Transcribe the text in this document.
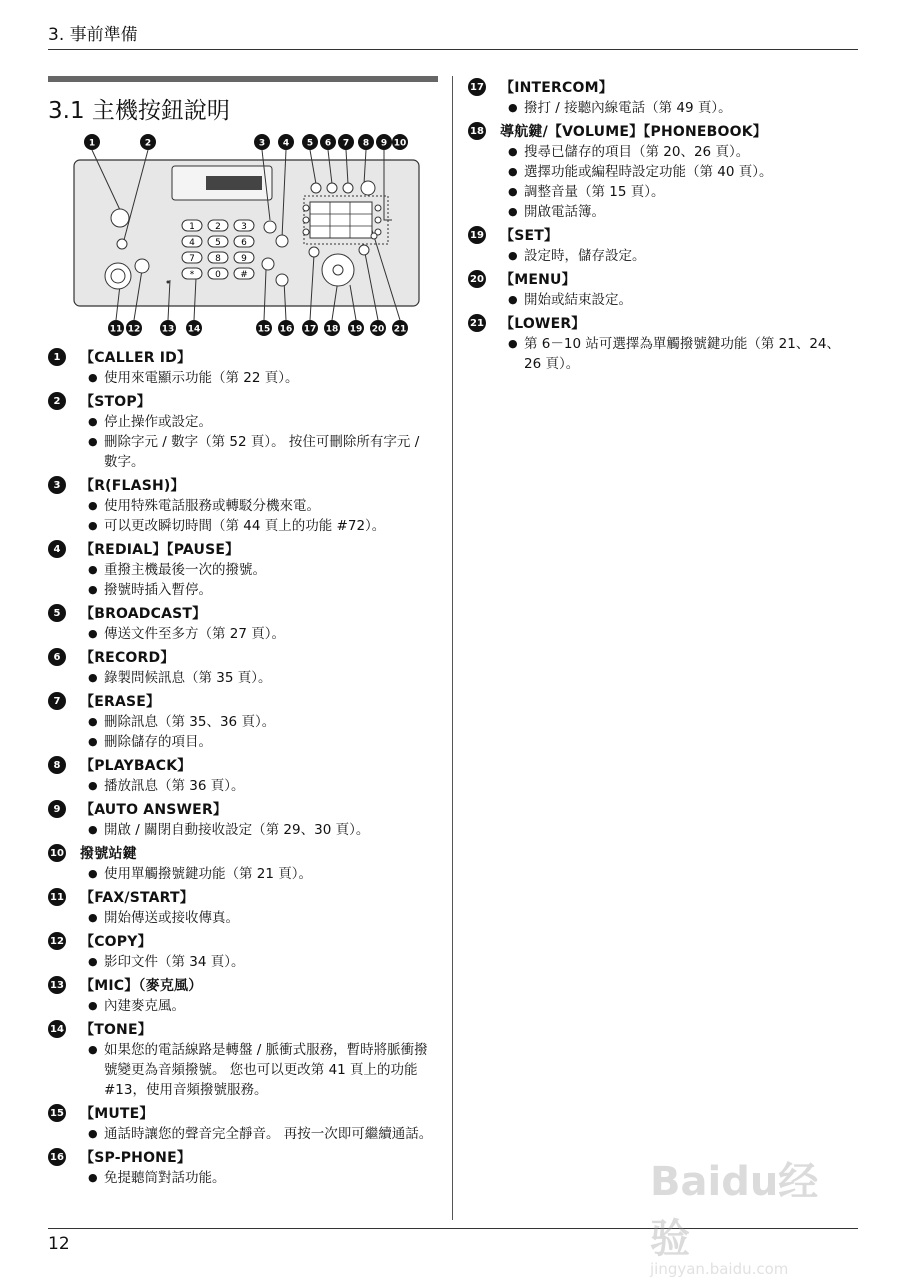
3. 事前準備
3.1 主機按鈕說明
1	2	3 4 5 6 7 8 9 10
11 12 13 14	15 16 17 18 19 20 21
1 2 3
4 5 6
7 8 9
* 0 #
1	【CALLER ID】
● 使用來電顯示功能（第 22 頁）。
2	【STOP】
● 停止操作或設定。
● 刪除字元 / 數字（第 52 頁）。 按住可刪除所有字元 / 數字。
3	【R(FLASH)】
● 使用特殊電話服務或轉駁分機來電。
● 可以更改瞬切時間（第 44 頁上的功能 #72）。
4	【REDIAL】【PAUSE】
● 重撥主機最後一次的撥號。
● 撥號時插入暫停。
5	【BROADCAST】
● 傳送文件至多方（第 27 頁）。
6	【RECORD】
● 錄製問候訊息（第 35 頁）。
7	【ERASE】
● 刪除訊息（第 35、36 頁）。
● 刪除儲存的項目。
8	【PLAYBACK】
● 播放訊息（第 36 頁）。
9	【AUTO ANSWER】
● 開啟 / 關閉自動接收設定（第 29、30 頁）。
10 撥號站鍵
● 使用單觸撥號鍵功能（第 21 頁）。
11 【FAX/START】
● 開始傳送或接收傳真。
12 【COPY】
● 影印文件（第 34 頁）。
13 【MIC】（麥克風）
● 內建麥克風。
14 【TONE】
● 如果您的電話線路是轉盤 / 脈衝式服務，暫時將脈衝撥號變更為音頻撥號。 您也可以更改第 41 頁上的功能 #13，使用音頻撥號服務。
15 【MUTE】
● 通話時讓您的聲音完全靜音。 再按一次即可繼續通話。
16 【SP-PHONE】
● 免提聽筒對話功能。
17 【INTERCOM】
● 撥打 / 接聽內線電話（第 49 頁）。
18 導航鍵/【VOLUME】【PHONEBOOK】
● 搜尋已儲存的項目（第 20、26 頁）。
● 選擇功能或編程時設定功能（第 40 頁）。
● 調整音量（第 15 頁）。
● 開啟電話簿。
19 【SET】
● 設定時，儲存設定。
20 【MENU】
● 開始或結束設定。
21 【LOWER】
● 第 6－10 站可選擇為單觸撥號鍵功能（第 21、24、26 頁）。
12
Baidu经验
jingyan.baidu.com
